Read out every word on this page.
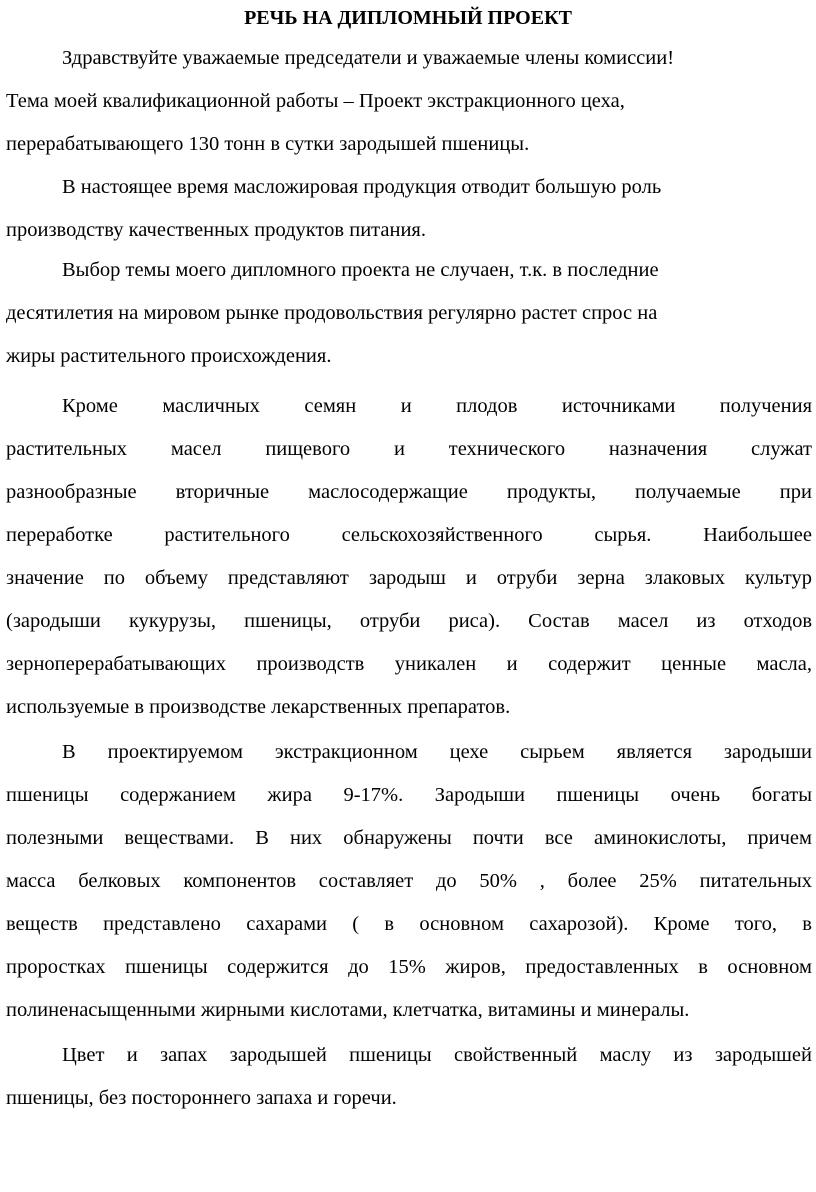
РЕЧЬ НА ДИПЛОМНЫЙ ПРОЕКТ
Здравствуйте уважаемые председатели и уважаемые члены комиссии!
Тема моей квалификационной работы – Проект экстракционного цеха,
перерабатывающего 130 тонн в сутки зародышей пшеницы.
В настоящее время масложировая продукция отводит большую роль
производству качественных продуктов питания.
Выбор темы моего дипломного проекта не случаен, т.к. в последние
десятилетия на мировом рынке продовольствия регулярно растет спрос на
жиры растительного происхождения.
Кроме масличных семян и плодов источниками получения
растительных масел пищевого и технического назначения служат
разнообразные вторичные маслосодержащие продукты, получаемые при
переработке растительного сельскохозяйственного сырья. Наибольшее
значение по объему представляют зародыш и отруби зерна злаковых культур
(зародыши кукурузы, пшеницы, отруби риса). Состав масел из отходов
зерноперерабатывающих производств уникален и содержит ценные масла,
используемые в производстве лекарственных препаратов.
В проектируемом экстракционном цехе сырьем является зародыши
пшеницы содержанием жира 9-17%. Зародыши пшеницы очень богаты
полезными веществами. В них обнаружены почти все аминокислоты, причем
масса белковых компонентов составляет до 50% , более 25% питательных
веществ представлено сахарами ( в основном сахарозой). Кроме того, в
проростках пшеницы содержится до 15% жиров, предоставленных в основном
полиненасыщенными жирными кислотами, клетчатка, витамины и минералы.
Цвет и запах зародышей пшеницы свойственный маслу из зародышей
пшеницы, без постороннего запаха и горечи.
